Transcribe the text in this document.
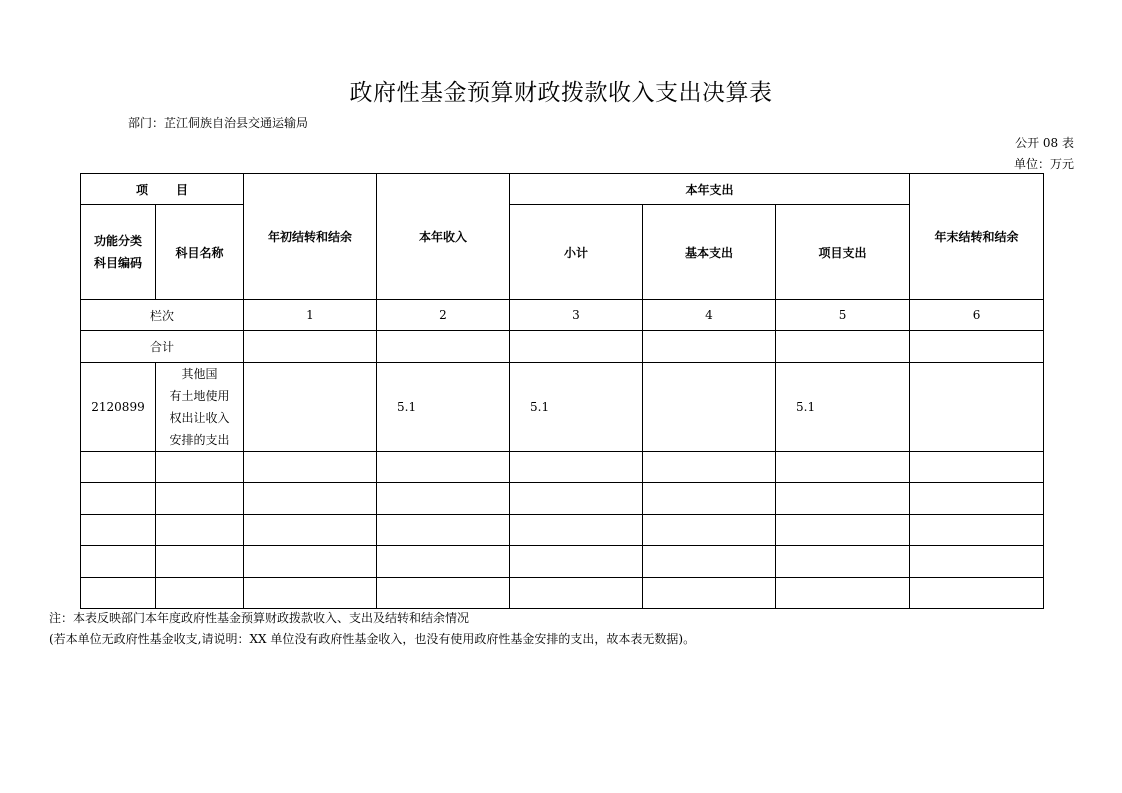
政府性基金预算财政拨款收入支出决算表
部门：芷江侗族自治县交通运输局
公开 08 表
单位：万元
项 目		年初结转和结余	本年收入	本年支出			年末结转和结余
功能分类
科目编码	科目名称			小计	基本支出	项目支出	
栏次		1	2	3	4	5	6
合计							
2120899	其他国
有土地使用
权出让收入
安排的支出		5.1	5.1		5.1	

注：本表反映部门本年度政府性基金预算财政拨款收入、支出及结转和结余情况
(若本单位无政府性基金收支,请说明：XX 单位没有政府性基金收入，也没有使用政府性基金安排的支出，故本表无数据)。
